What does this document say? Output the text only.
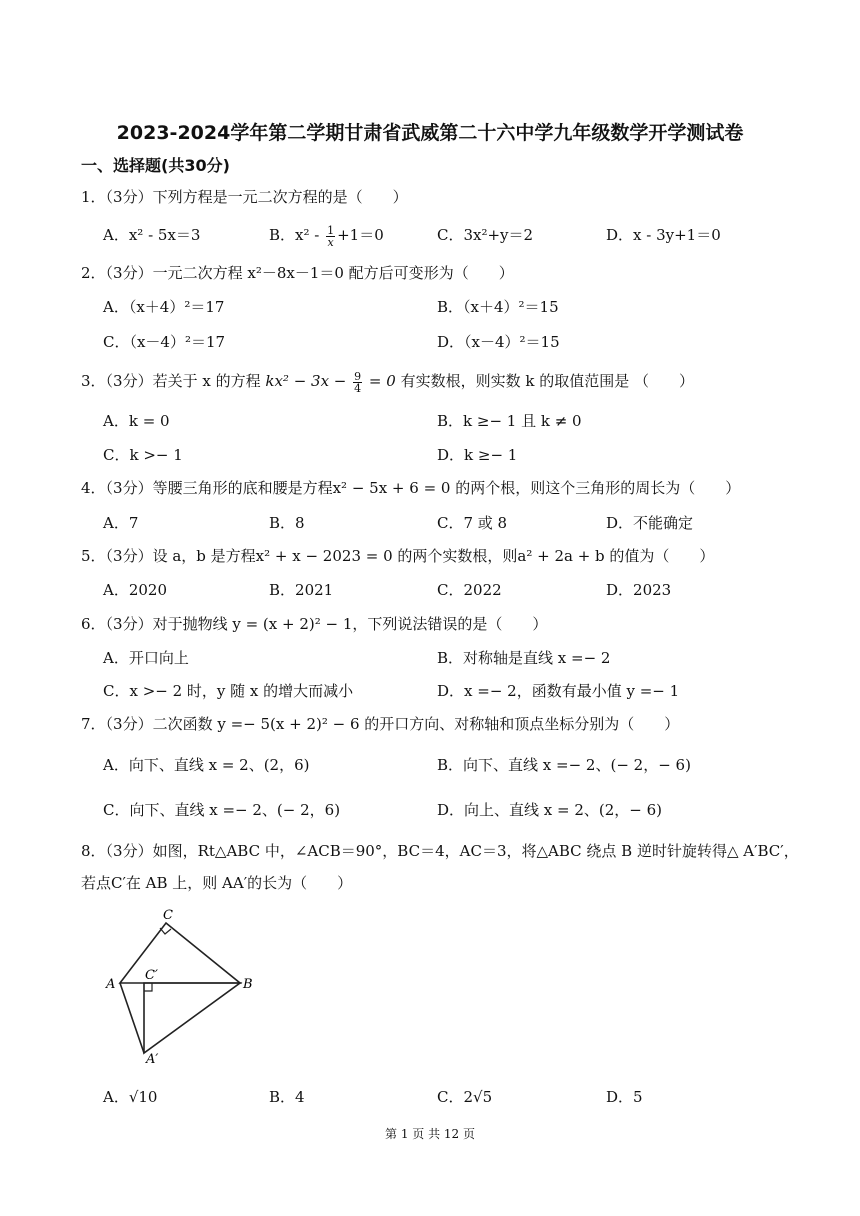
2023-2024学年第二学期甘肃省武威第二十六中学九年级数学开学测试卷
一、选择题(共30分)
1．（3分）下列方程是一元二次方程的是（　　）
A．x² - 5x＝3	B．$x^2 - \frac{1}{x} +1=0$	C．3x²+y＝2	D．x - 3y+1＝0
2．（3分）一元二次方程 x²－8x－1＝0 配方后可变形为（　　）
A．（x＋4）²＝17	B．（x＋4）²＝15
C．（x－4）²＝17	D．（x－4）²＝15
3．（3分）若关于 x 的方程 $kx^2 - 3x - \frac{9}{4} = 0$ 有实数根，则实数 k 的取值范围是 （　　）
A．k = 0	B．k ≥− 1 且 k ≠ 0
C．k >− 1	D．k ≥− 1
4．（3分）等腰三角形的底和腰是方程x² − 5x + 6 = 0 的两个根，则这个三角形的周长为（　　）
A．7	B．8	C．7 或 8	D．不能确定
5．（3分）设 a，b 是方程x² + x − 2023 = 0 的两个实数根，则a² + 2a + b 的值为（　　）
A．2020	B．2021	C．2022	D．2023
6．（3分）对于抛物线 y = (x + 2)² − 1，下列说法错误的是（　　）
A．开口向上	B．对称轴是直线 x =− 2
C．x >− 2 时，y 随 x 的增大而减小	D．x =− 2，函数有最小值 y =− 1
7．（3分）二次函数 y =− 5(x + 2)² − 6 的开口方向、对称轴和顶点坐标分别为（　　）
A．向下、直线 x = 2、(2，6)	B．向下、直线 x =− 2、(− 2，− 6)
C．向下、直线 x =− 2、(− 2，6)	D．向上、直线 x = 2、(2，− 6)
8．（3分）如图，Rt△ABC 中，∠ACB＝90°，BC＝4，AC＝3，将△ABC 绕点 B 逆时针旋转得△ A′BC′，
若点C′在 AB 上，则 AA′的长为（　　）
A	B
C
C′
A′
A．√10	B．4	C．2√5	D．5
第 1 页 共 12 页
